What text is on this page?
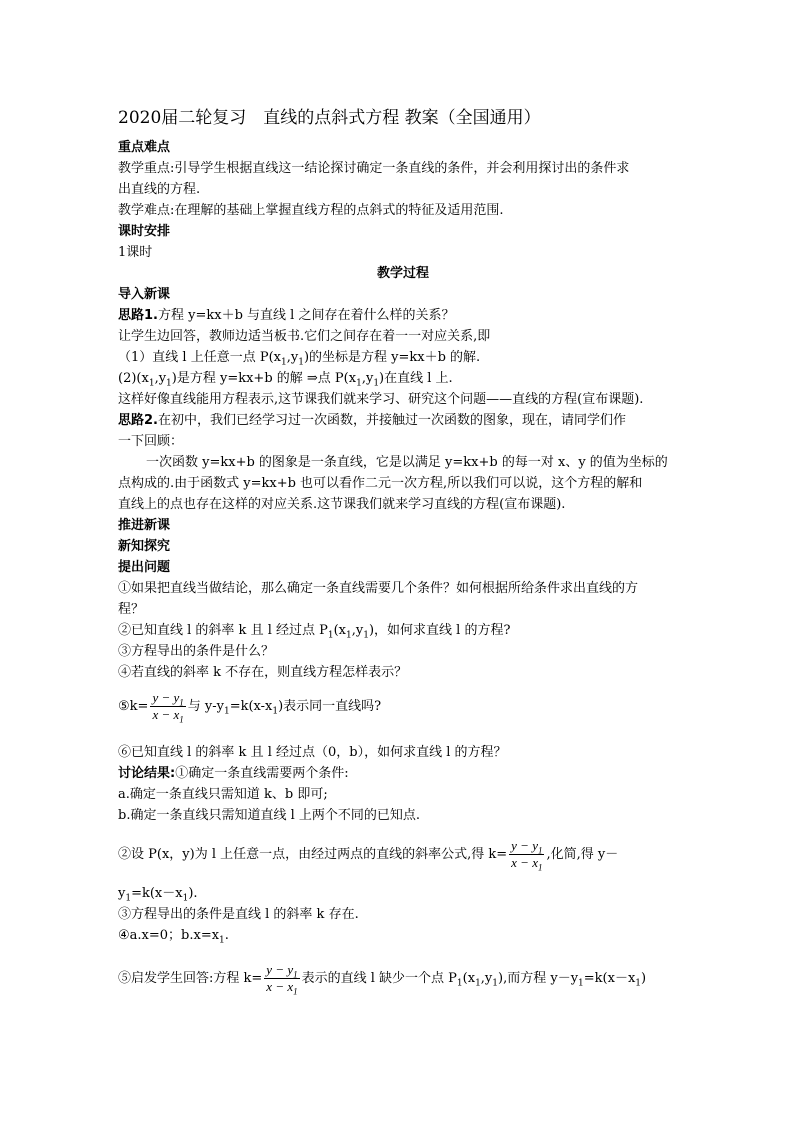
2020届二轮复习　直线的点斜式方程 教案（全国通用）
重点难点
教学重点:引导学生根据直线这一结论探讨确定一条直线的条件，并会利用探讨出的条件求
出直线的方程.
教学难点:在理解的基础上掌握直线方程的点斜式的特征及适用范围.
课时安排
1课时
教学过程
导入新课
思路1.方程 y=kx＋b 与直线 l 之间存在着什么样的关系？
让学生边回答，教师边适当板书.它们之间存在着一一对应关系,即
（1）直线 l 上任意一点 $P(x_1,y_1)$的坐标是方程 y=kx＋b 的解.
$(2)(x_1,y_1)$是方程 y=kx+b 的解 ⇒点 $P(x_1,y_1)$在直线 l 上.
这样好像直线能用方程表示,这节课我们就来学习、研究这个问题——直线的方程(宣布课题).
思路2.在初中，我们已经学习过一次函数，并接触过一次函数的图象，现在，请同学们作
一下回顾：
一次函数 y=kx+b 的图象是一条直线，它是以满足 y=kx+b 的每一对 x、y 的值为坐标的
点构成的.由于函数式 y=kx+b 也可以看作二元一次方程,所以我们可以说，这个方程的解和
直线上的点也存在这样的对应关系.这节课我们就来学习直线的方程(宣布课题).
推进新课
新知探究
提出问题
①如果把直线当做结论，那么确定一条直线需要几个条件？如何根据所给条件求出直线的方
程？
②已知直线 l 的斜率 k 且 l 经过点 $P_1(x_1,y_1)$，如何求直线 l 的方程?
③方程导出的条件是什么？
④若直线的斜率 k 不存在，则直线方程怎样表示？
⑤k= $\frac{y - y_1}{x - x_1}$ 与 $y-y_1=k(x-x_1)$表示同一直线吗?
⑥已知直线 l 的斜率 k 且 l 经过点（0，b），如何求直线 l 的方程？
讨论结果:①确定一条直线需要两个条件:
a.确定一条直线只需知道 k、b 即可;
b.确定一条直线只需知道直线 l 上两个不同的已知点.
②设 P(x，y)为 l 上任意一点，由经过两点的直线的斜率公式,得 $k= \frac{y - y_1}{x - x_1}$ ,化简,得 y－
$y_1=k(x-x_1)$.
③方程导出的条件是直线 l 的斜率 k 存在.
④a.x=0；$b.x=x_1$.
⑤启发学生回答:方程 $k= \frac{y - y_1}{x - x_1}$ 表示的直线 l 缺少一个点 $P_1(x_1,y_1)$,而方程 $y-y_1=k(x-x_1)$
